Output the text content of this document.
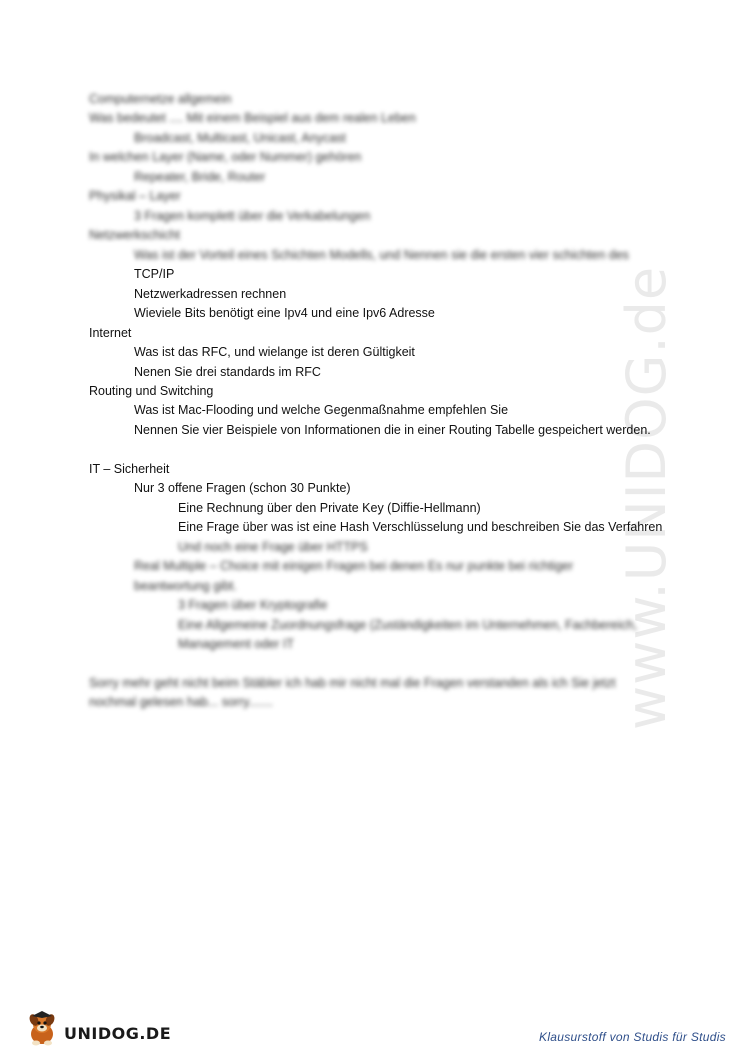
www.UNIDOG.de
Computernetze allgemein
Was bedeutet .... Mit einem Beispiel aus dem realen Leben
Broadcast, Multicast, Unicast, Anycast
In welchen Layer (Name, oder Nummer) gehören
Repeater, Bride, Router
Physikal – Layer
3 Fragen komplett über die Verkabelungen
Netzwerkschicht
Was ist der Vorteil eines Schichten Modells, und Nennen sie die ersten vier schichten des
TCP/IP
Netzwerkadressen rechnen
Wieviele Bits benötigt eine Ipv4 und eine Ipv6 Adresse
Internet
Was ist das RFC, und wielange ist deren Gültigkeit
Nenen Sie drei standards im RFC
Routing und Switching
Was ist Mac-Flooding und welche Gegenmaßnahme empfehlen Sie
Nennen Sie vier Beispiele von Informationen die in einer Routing Tabelle gespeichert werden.
IT – Sicherheit
Nur 3 offene Fragen (schon 30 Punkte)
Eine Rechnung über den Private Key (Diffie-Hellmann)
Eine Frage über was ist eine Hash Verschlüsselung und beschreiben Sie das Verfahren
Und noch eine Frage über HTTPS
Real Multiple – Choice mit einigen Fragen bei denen Es nur punkte bei richtiger
beantwortung gibt.
3 Fragen über Kryptografie
Eine Allgemeine Zuordnungsfrage (Zuständigkeiten im Unternehmen, Fachbereich,
Management oder IT
Sorry mehr geht nicht beim Stäbler ich hab mir nicht mal die Fragen verstanden als ich Sie jetzt
nochmal gelesen hab... sorry.......
UNIDOG.DE	Klausurstoff von Studis für Studis
